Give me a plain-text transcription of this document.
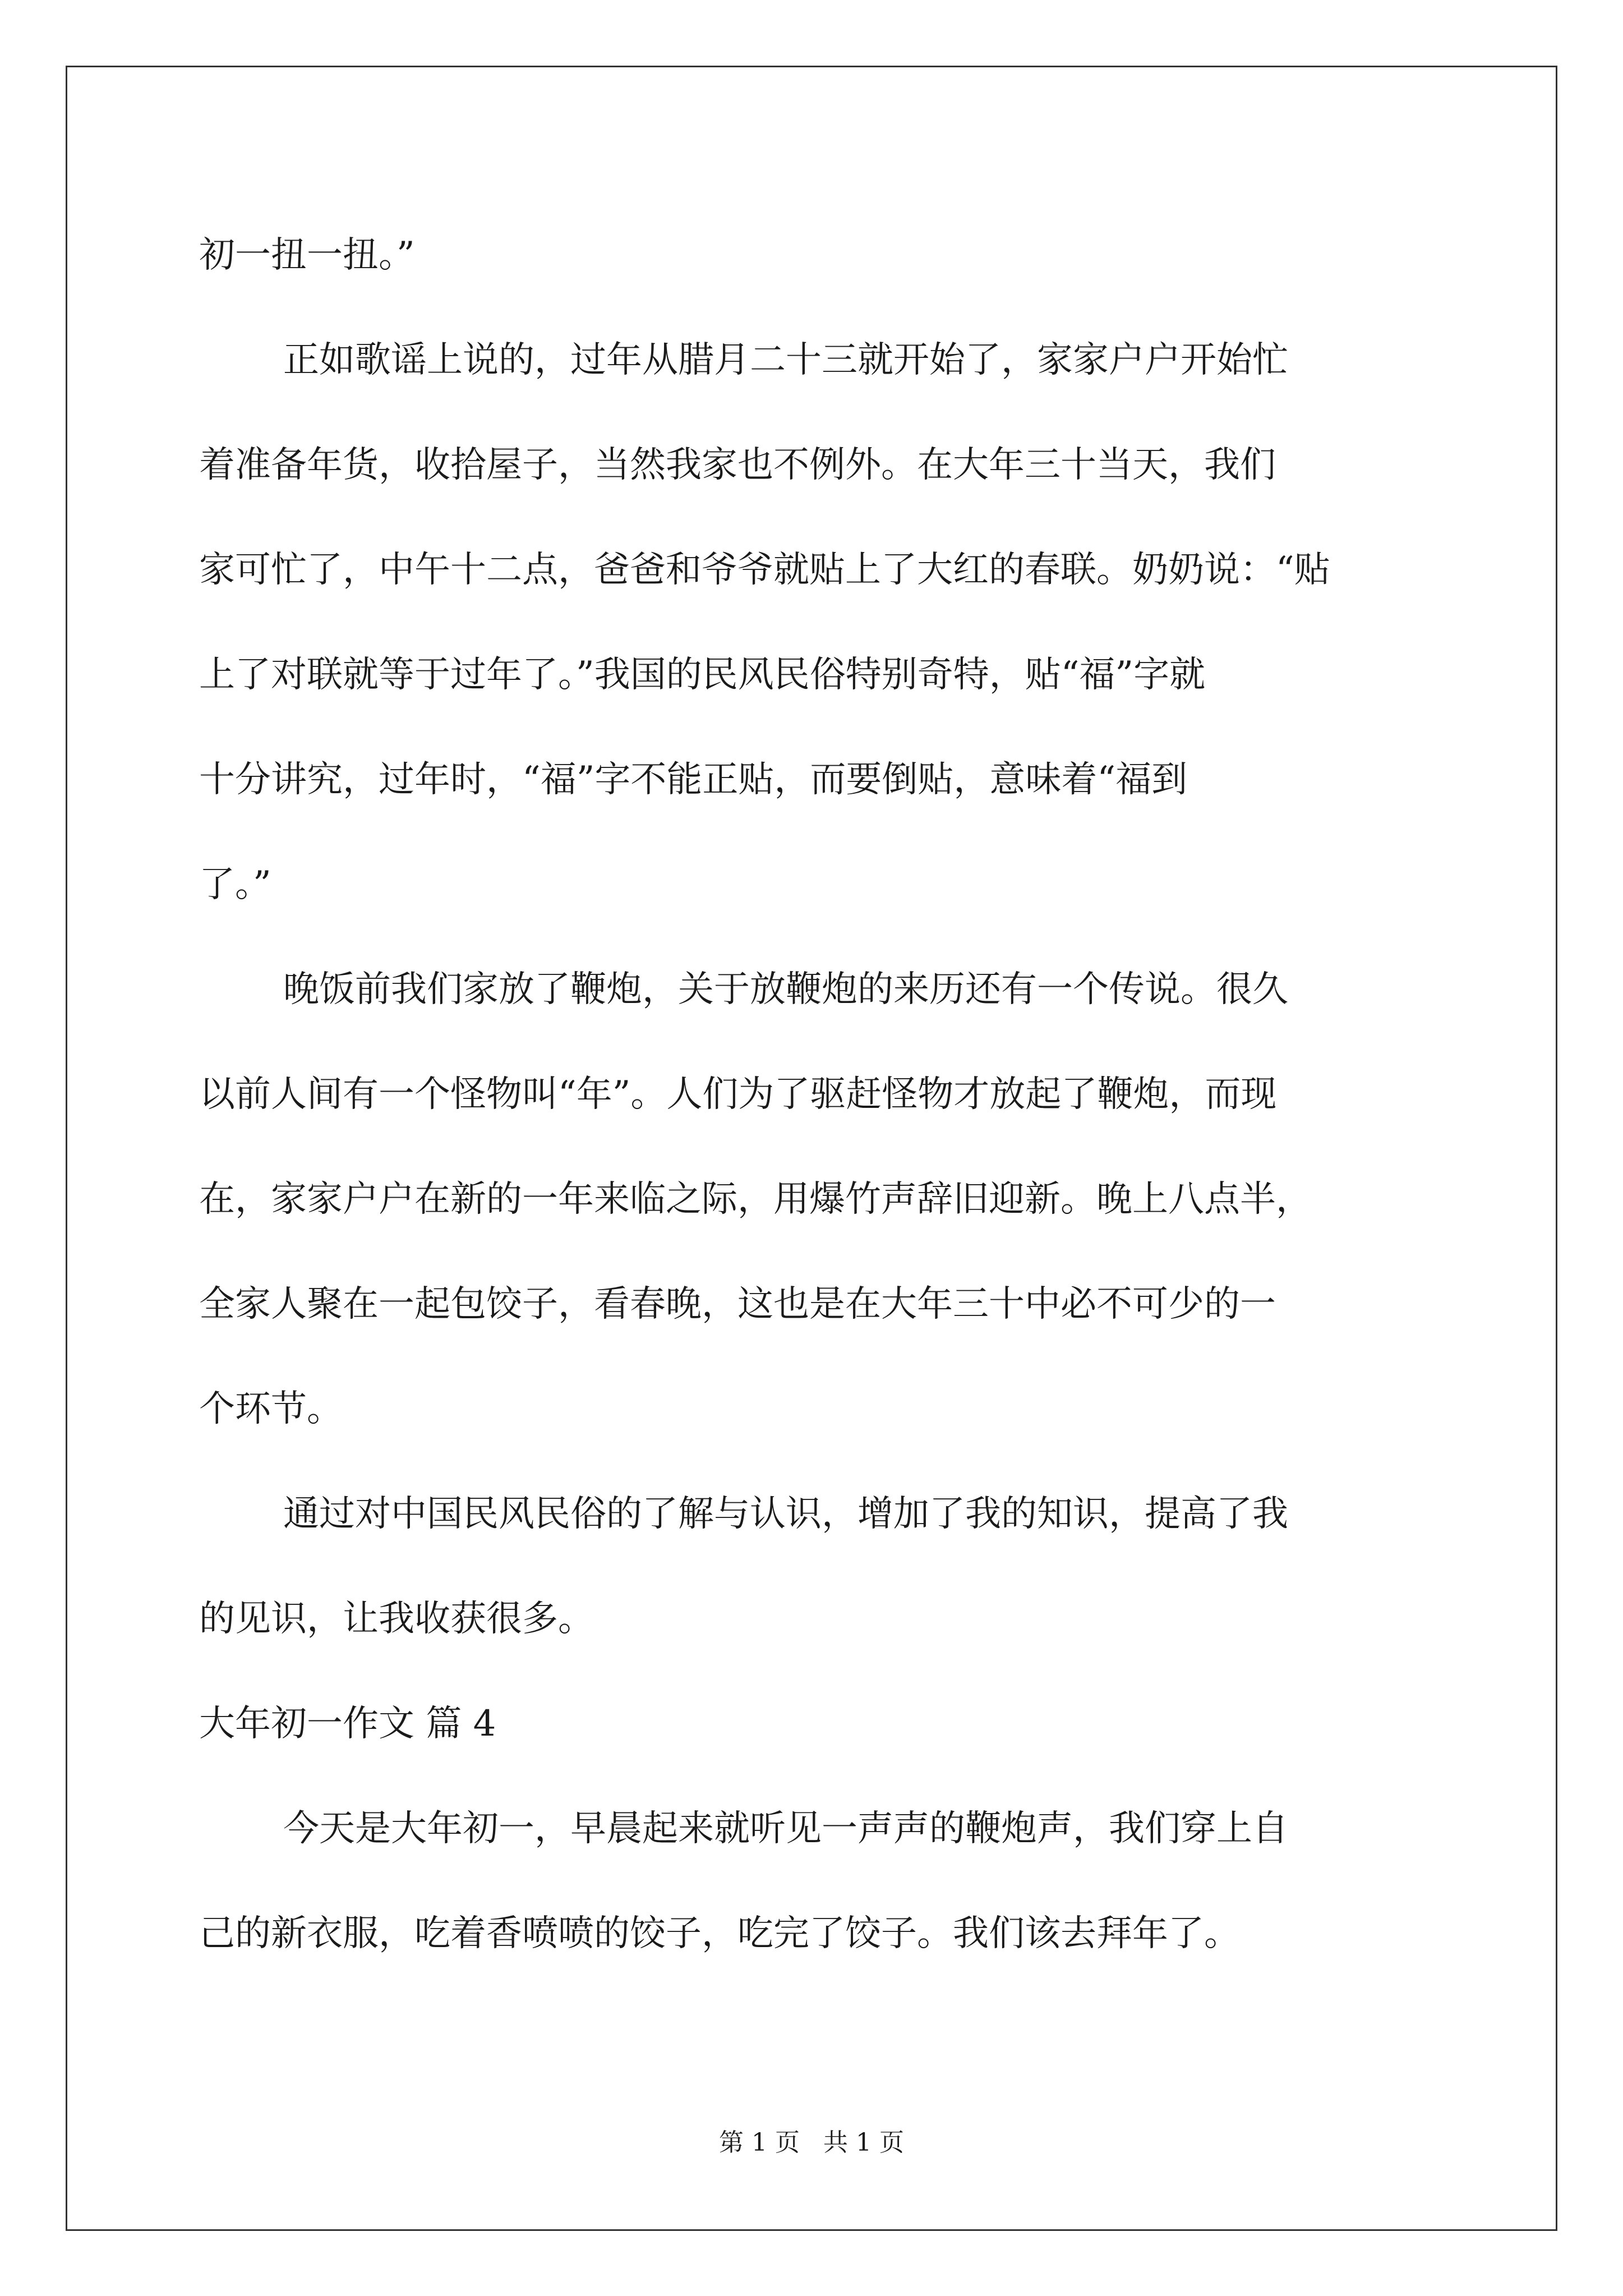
初一扭一扭。”
正如歌谣上说的，过年从腊月二十三就开始了，家家户户开始忙
着准备年货，收拾屋子，当然我家也不例外。在大年三十当天，我们
家可忙了，中午十二点，爸爸和爷爷就贴上了大红的春联。奶奶说：“贴
上了对联就等于过年了。”我国的民风民俗特别奇特，贴“福”字就
十分讲究，过年时，“福”字不能正贴，而要倒贴，意味着“福到
了。”
晚饭前我们家放了鞭炮，关于放鞭炮的来历还有一个传说。很久
以前人间有一个怪物叫“年”。人们为了驱赶怪物才放起了鞭炮，而现
在，家家户户在新的一年来临之际，用爆竹声辞旧迎新。晚上八点半，
全家人聚在一起包饺子，看春晚，这也是在大年三十中必不可少的一
个环节。
通过对中国民风民俗的了解与认识，增加了我的知识，提高了我
的见识，让我收获很多。
大年初一作文 篇 4
今天是大年初一，早晨起来就听见一声声的鞭炮声，我们穿上自
己的新衣服，吃着香喷喷的饺子，吃完了饺子。我们该去拜年了。
第 1 页   共 1 页
